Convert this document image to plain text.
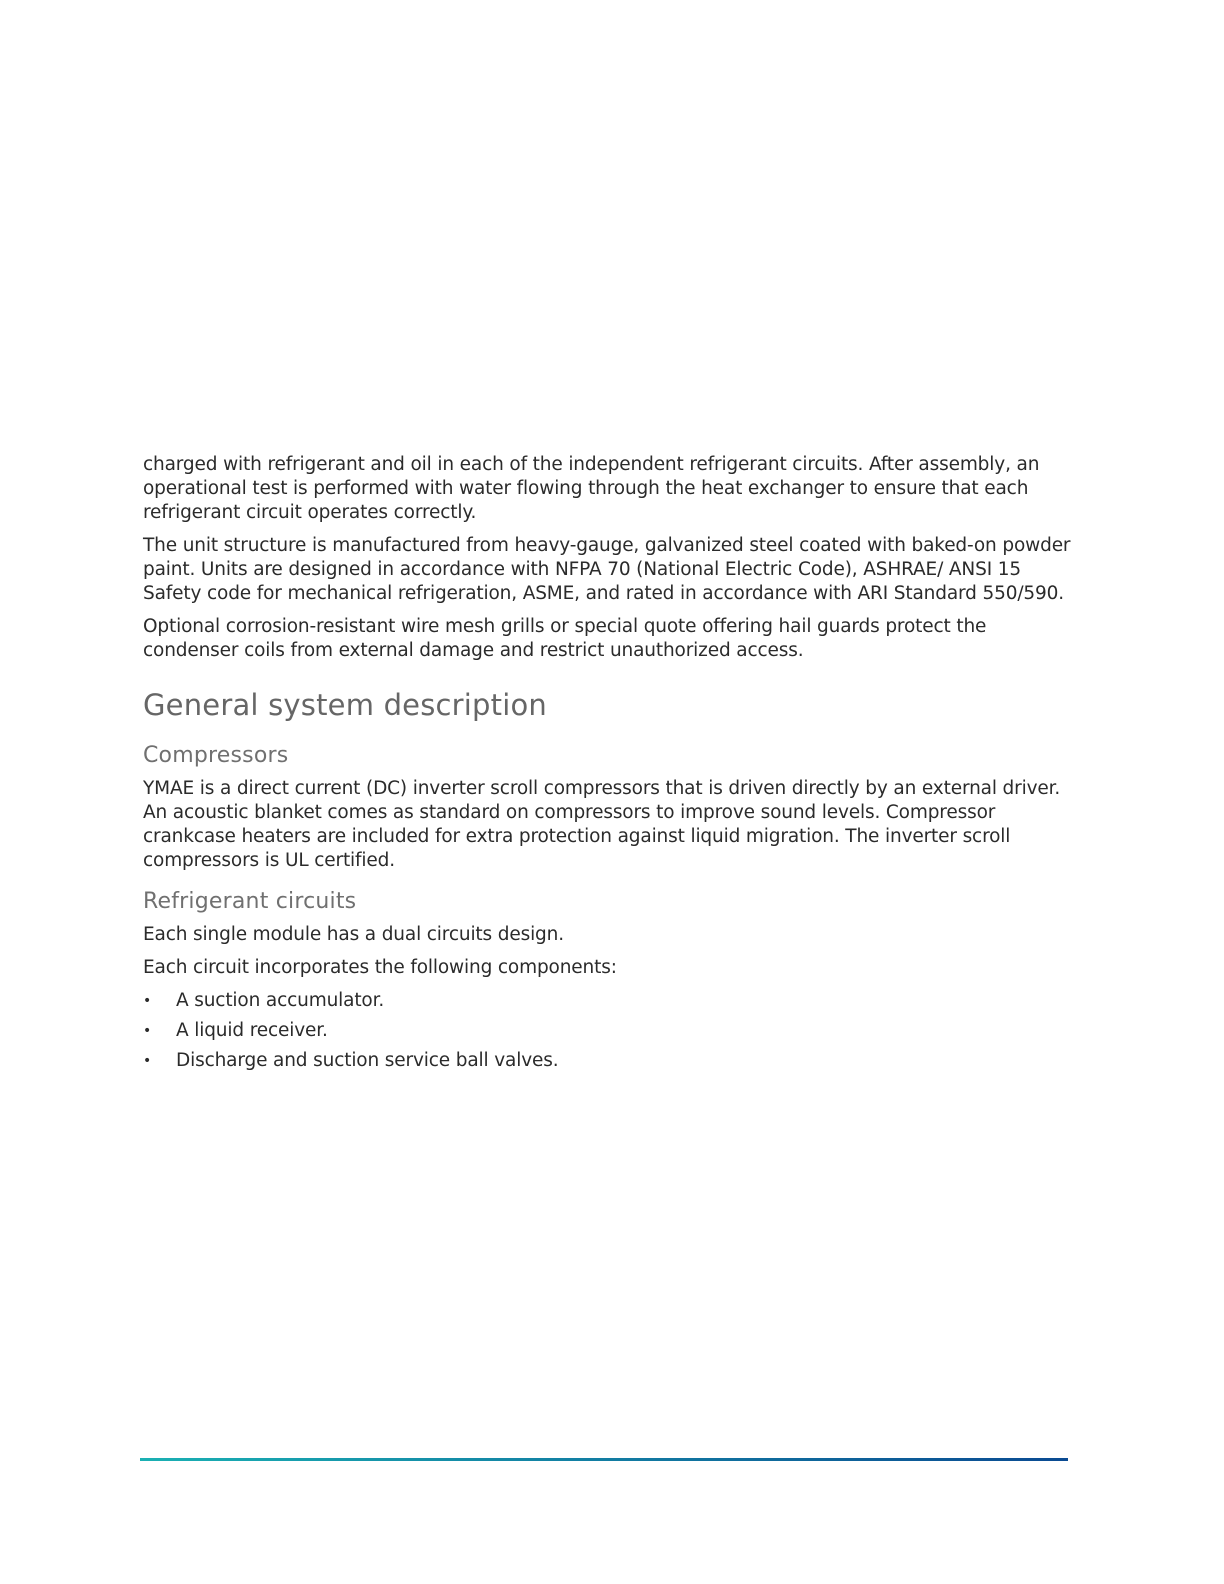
charged with refrigerant and oil in each of the independent refrigerant circuits. After assembly, an operational test is performed with water flowing through the heat exchanger to ensure that each refrigerant circuit operates correctly.

The unit structure is manufactured from heavy-gauge, galvanized steel coated with baked-on powder paint. Units are designed in accordance with NFPA 70 (National Electric Code), ASHRAE/ ANSI 15 Safety code for mechanical refrigeration, ASME, and rated in accordance with ARI Standard 550/590.

Optional corrosion-resistant wire mesh grills or special quote offering hail guards protect the condenser coils from external damage and restrict unauthorized access.

General system description
Compressors

YMAE is a direct current (DC) inverter scroll compressors that is driven directly by an external driver. An acoustic blanket comes as standard on compressors to improve sound levels. Compressor crankcase heaters are included for extra protection against liquid migration. The inverter scroll compressors is UL certified.

Refrigerant circuits

Each single module has a dual circuits design.

Each circuit incorporates the following components:

• A suction accumulator.
• A liquid receiver.
• Discharge and suction service ball valves.
